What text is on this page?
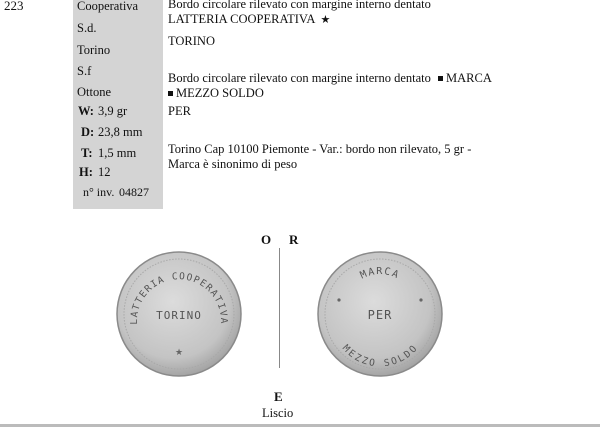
223	Cooperativa
S.d.
Torino
S.f
Ottone
W: 3,9 gr
D: 23,8 mm
T: 1,5 mm
H: 12
n° inv. 04827
Bordo circolare rilevato con margine interno dentato
LATTERIA COOPERATIVA  ★
TORINO
Bordo circolare rilevato con margine interno dentato MARCA
MEZZO SOLDO
PER
Torino Cap 10100 Piemonte - Var.: bordo non rilevato, 5 gr -
Marca è sinonimo di peso
O R
LATTERIA COOPERATIVA
TORINO
★
MARCA
MEZZO SOLDO
PER
E
Liscio
